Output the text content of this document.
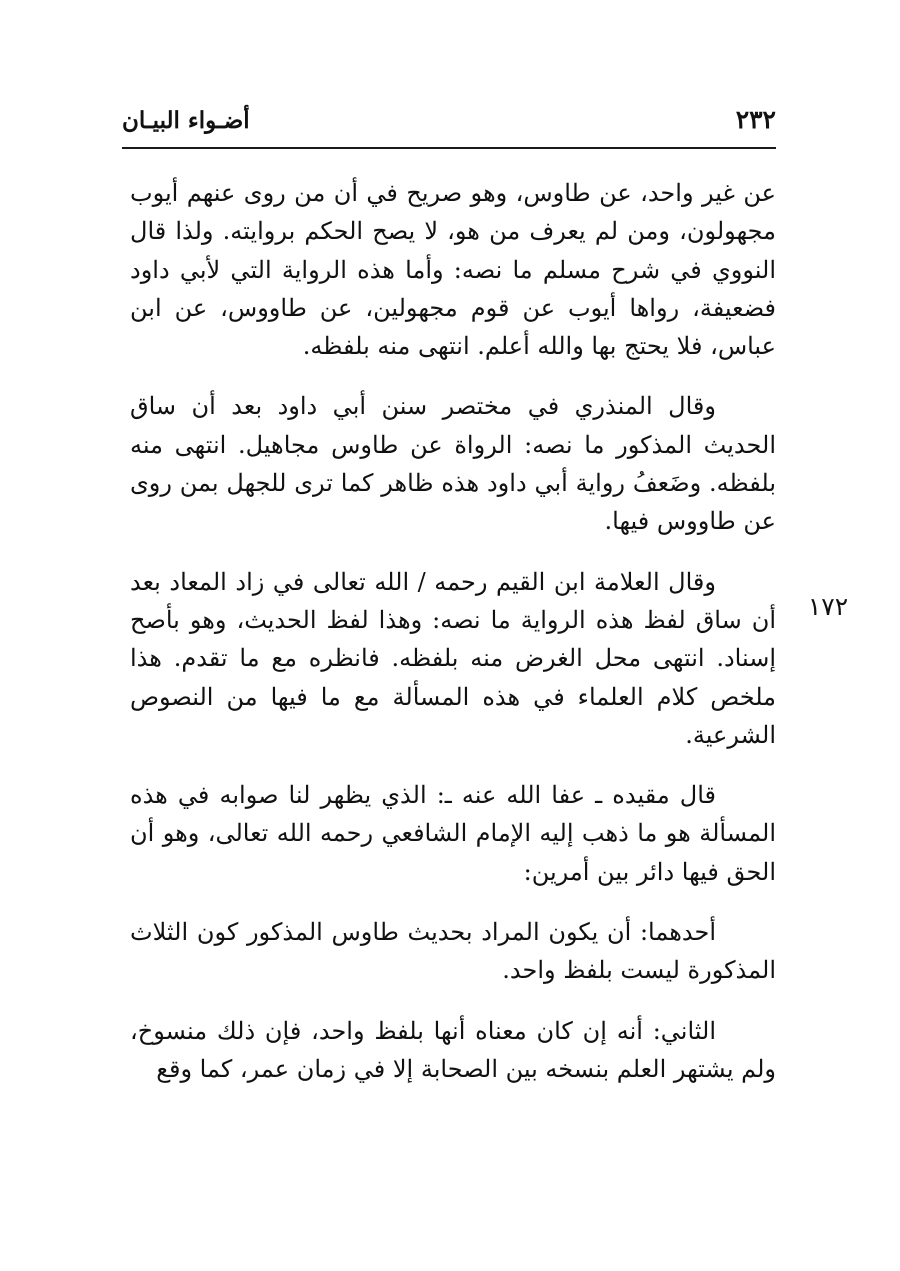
أضـواء البيـان	٢٣٢
١٧٢

عن غير واحد، عن طاوس، وهو صريح في أن من روى عنهم أيوب مجهولون، ومن لم يعرف من هو، لا يصح الحكم بروايته. ولذا قال النووي في شرح مسلم ما نصه: وأما هذه الرواية التي لأبي داود فضعيفة، رواها أيوب عن قوم مجهولين، عن طاووس، عن ابن عباس، فلا يحتج بها والله أعلم. انتهى منه بلفظه.

وقال المنذري في مختصر سنن أبي داود بعد أن ساق الحديث المذكور ما نصه: الرواة عن طاوس مجاهيل. انتهى منه بلفظه. وضَعفُ رواية أبي داود هذه ظاهر كما ترى للجهل بمن روى عن طاووس فيها.

وقال العلامة ابن القيم رحمه / الله تعالى في زاد المعاد بعد أن ساق لفظ هذه الرواية ما نصه: وهذا لفظ الحديث، وهو بأصح إسناد. انتهى محل الغرض منه بلفظه. فانظره مع ما تقدم. هذا ملخص كلام العلماء في هذه المسألة مع ما فيها من النصوص الشرعية.

قال مقيده ـ عفا الله عنه ـ: الذي يظهر لنا صوابه في هذه المسألة هو ما ذهب إليه الإمام الشافعي رحمه الله تعالى، وهو أن الحق فيها دائر بين أمرين:

أحدهما: أن يكون المراد بحديث طاوس المذكور كون الثلاث المذكورة ليست بلفظ واحد.

الثاني: أنه إن كان معناه أنها بلفظ واحد، فإن ذلك منسوخ، ولم يشتهر العلم بنسخه بين الصحابة إلا في زمان عمر، كما وقع
